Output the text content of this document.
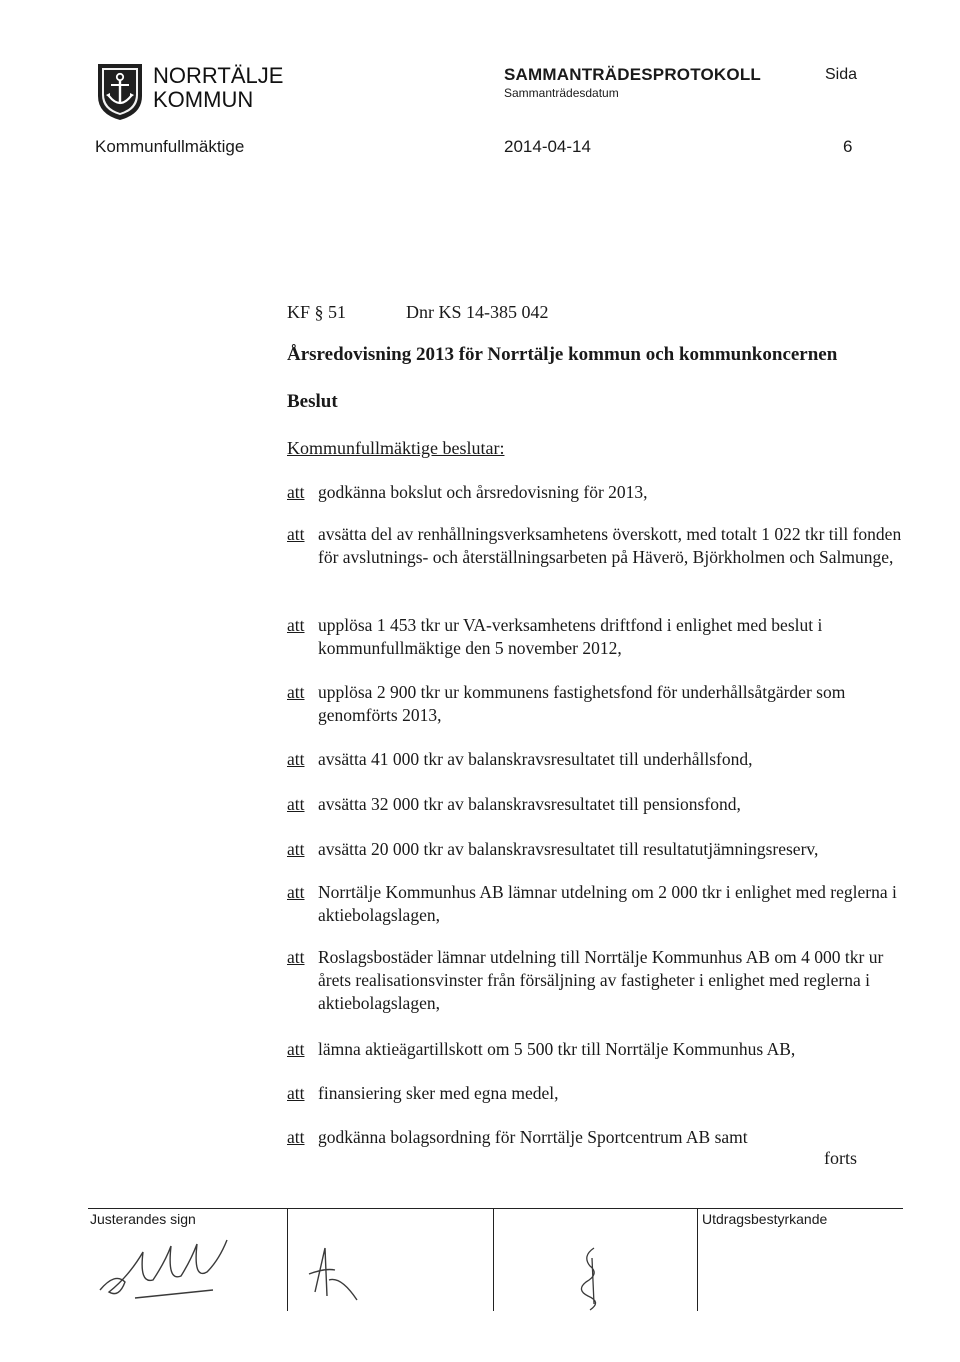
NORRTÄLJE
KOMMUN
SAMMANTRÄDESPROTOKOLL
Sammanträdesdatum
Sida
Kommunfullmäktige	2014-04-14	6
KF § 51	Dnr KS 14-385 042
Årsredovisning 2013 för Norrtälje kommun och kommunkoncernen
Beslut
Kommunfullmäktige beslutar:
att godkänna bokslut och årsredovisning för 2013,
att avsätta del av renhållningsverksamhetens överskott, med totalt 1 022 tkr till fonden för avslutnings- och återställningsarbeten på Häverö, Björkholmen och Salmunge,
att upplösa 1 453 tkr ur VA-verksamhetens driftfond i enlighet med beslut i kommunfullmäktige den 5 november 2012,
att upplösa 2 900 tkr ur kommunens fastighetsfond för underhållsåtgärder som genomförts 2013,
att avsätta 41 000 tkr av balanskravsresultatet till underhållsfond,
att avsätta 32 000 tkr av balanskravsresultatet till pensionsfond,
att avsätta 20 000 tkr av balanskravsresultatet till resultatutjämningsreserv,
att Norrtälje Kommunhus AB lämnar utdelning om 2 000 tkr i enlighet med reglerna i aktiebolagslagen,
att Roslagsbostäder lämnar utdelning till Norrtälje Kommunhus AB om 4 000 tkr ur årets realisationsvinster från försäljning av fastigheter i enlighet med reglerna i aktiebolagslagen,
att lämna aktieägartillskott om 5 500 tkr till Norrtälje Kommunhus AB,
att finansiering sker med egna medel,
att godkänna bolagsordning för Norrtälje Sportcentrum AB samt
forts
Justerandes sign	Utdragsbestyrkande
